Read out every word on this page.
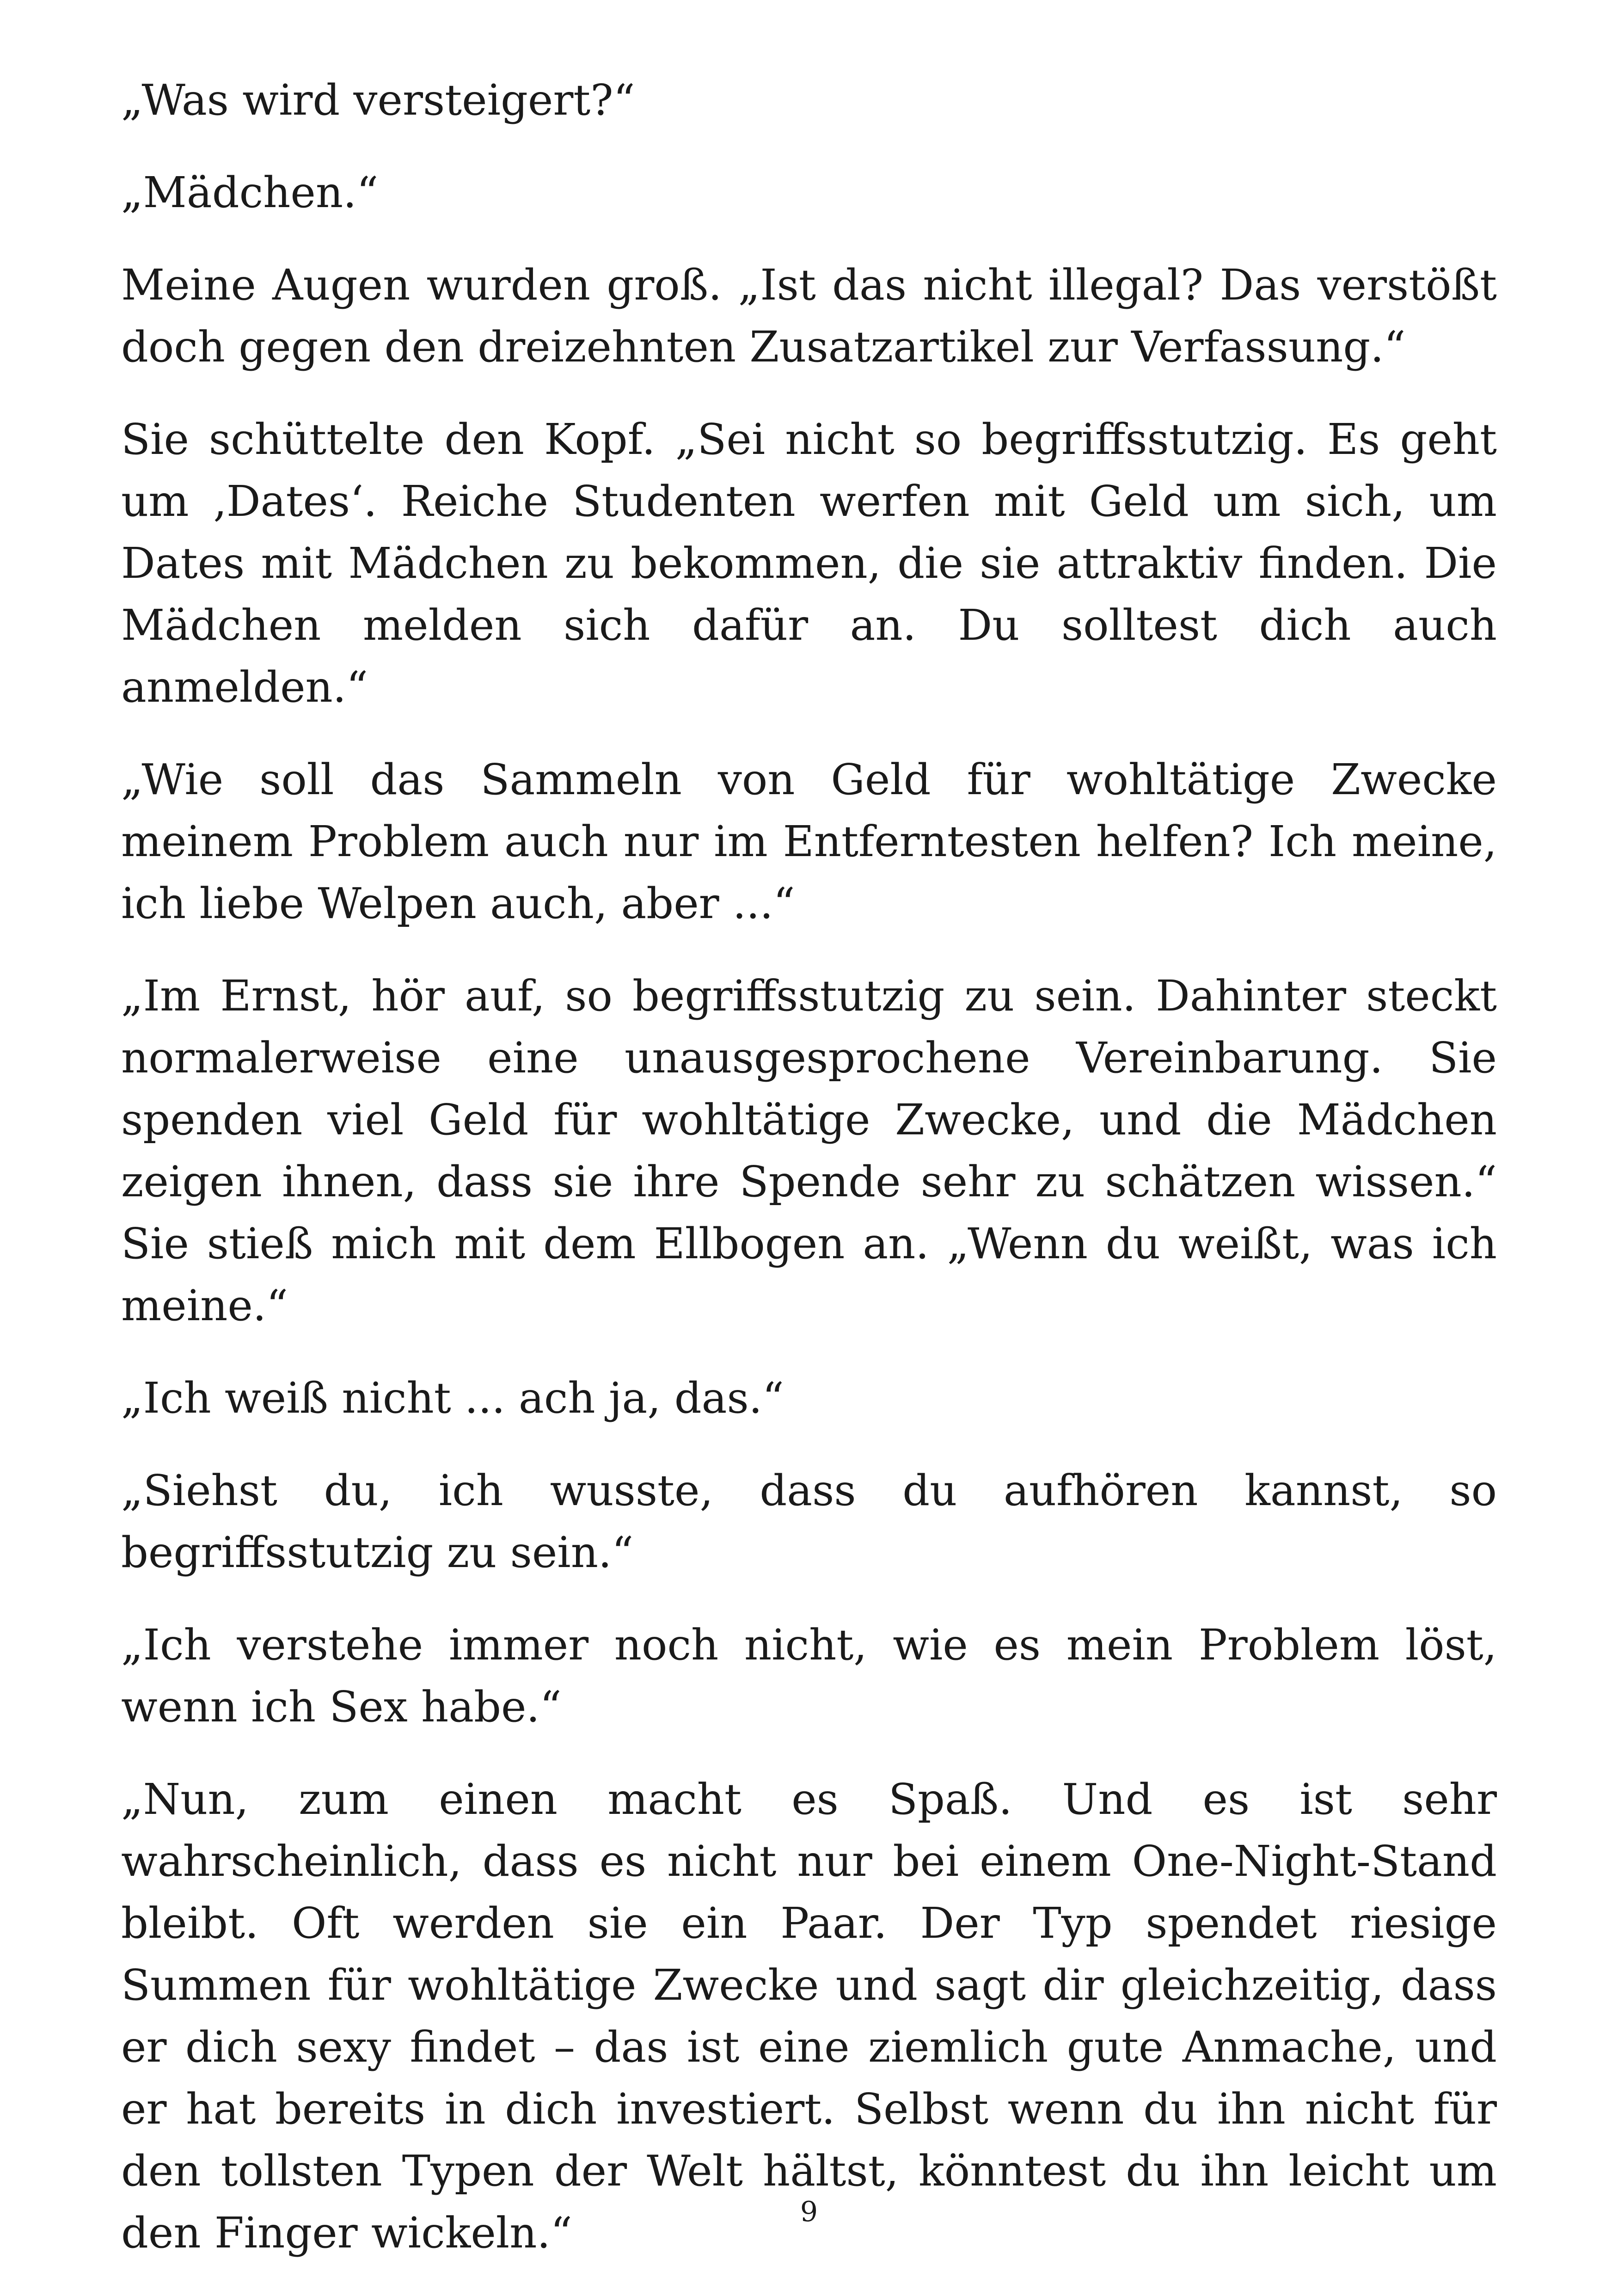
„Was wird versteigert?“

„Mädchen.“

Meine Augen wurden groß. „Ist das nicht illegal? Das verstößt doch gegen den dreizehnten Zusatzartikel zur Verfassung.“

Sie schüttelte den Kopf. „Sei nicht so begriffsstutzig. Es geht um ‚Dates‘. Reiche Studenten werfen mit Geld um sich, um Dates mit Mädchen zu bekommen, die sie attraktiv finden. Die Mädchen melden sich dafür an. Du solltest dich auch anmelden.“

„Wie soll das Sammeln von Geld für wohltätige Zwecke meinem Problem auch nur im Entferntesten helfen? Ich meine, ich liebe Welpen auch, aber ...“

„Im Ernst, hör auf, so begriffsstutzig zu sein. Dahinter steckt normalerweise eine unausgesprochene Vereinbarung. Sie spenden viel Geld für wohltätige Zwecke, und die Mädchen zeigen ihnen, dass sie ihre Spende sehr zu schätzen wissen.“ Sie stieß mich mit dem Ellbogen an. „Wenn du weißt, was ich meine.“

„Ich weiß nicht ... ach ja, das.“

„Siehst du, ich wusste, dass du aufhören kannst, so begriffsstutzig zu sein.“

„Ich verstehe immer noch nicht, wie es mein Problem löst, wenn ich Sex habe.“

„Nun, zum einen macht es Spaß. Und es ist sehr wahrscheinlich, dass es nicht nur bei einem One-Night-Stand bleibt. Oft werden sie ein Paar. Der Typ spendet riesige Summen für wohltätige Zwecke und sagt dir gleichzeitig, dass er dich sexy findet – das ist eine ziemlich gute Anmache, und er hat bereits in dich investiert. Selbst wenn du ihn nicht für den tollsten Typen der Welt hältst, könntest du ihn leicht um den Finger wickeln.“	9
